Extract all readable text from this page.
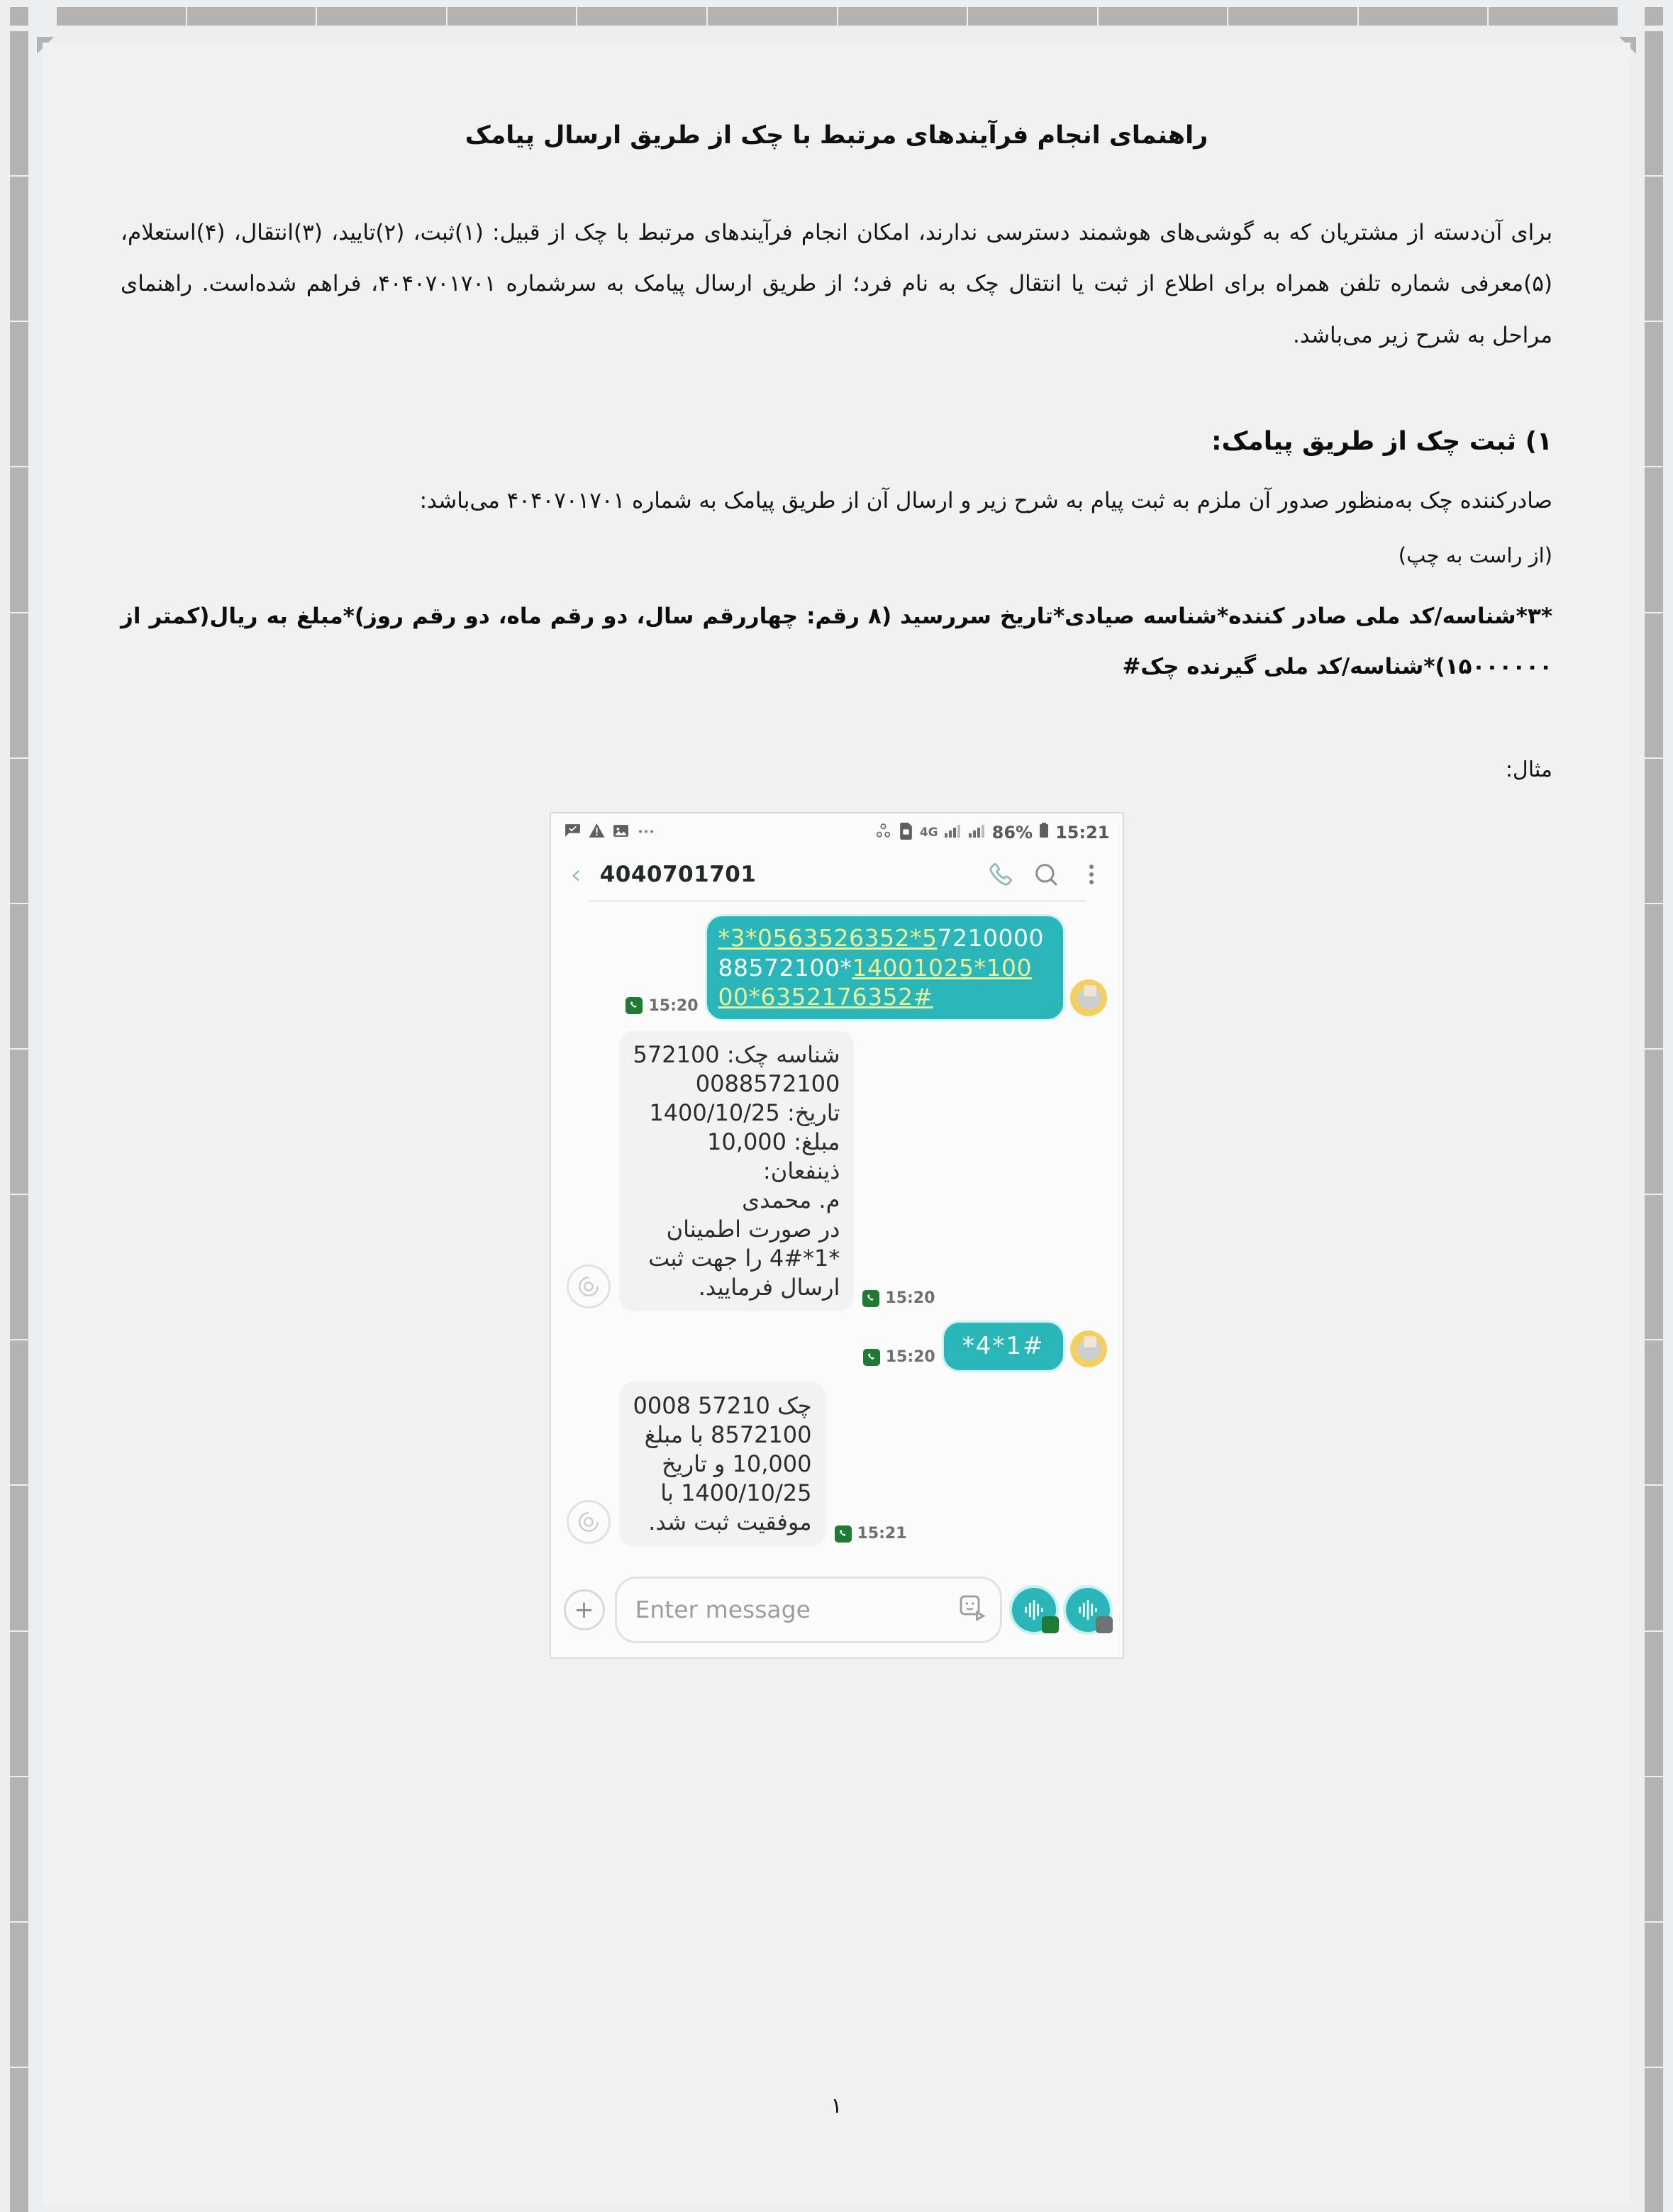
راهنمای انجام فرآیندهای مرتبط با چک از طریق ارسال پیامک

برای آن‌دسته از مشتریان که به گوشی‌های هوشمند دسترسی ندارند، امکان انجام فرآیندهای مرتبط با چک از قبیل: (۱)ثبت، (۲)تایید، (۳)انتقال، (۴)استعلام، (۵)معرفی شماره تلفن همراه برای اطلاع از ثبت یا انتقال چک به نام فرد؛ از طریق ارسال پیامک به سرشماره ۴۰۴۰۷۰۱۷۰۱، فراهم شده‌است. راهنمای مراحل به شرح زیر می‌باشد.

۱) ثبت چک از طریق پیامک:

صادرکننده چک به‌منظور صدور آن ملزم به ثبت پیام به شرح زیر و ارسال آن از طریق پیامک به شماره ۴۰۴۰۷۰۱۷۰۱ می‌باشد:

(از راست به چپ)

*۳*شناسه/کد ملی صادر کننده*شناسه صیادی*تاریخ سررسید (۸ رقم: چهاررقم سال، دو رقم ماه، دو رقم روز)*مبلغ به ریال(کمتر از ۱۵۰۰۰۰۰۰)*شناسه/کد ملی گیرنده چک#

مثال:

4G	86% 15:21
‹ 4040701701
15:20
*3*0563526352*5721000088572100*14001025*100
00*6352176352#
شناسه چک: 572100
0088572100
تاریخ: 1400/10/25
مبلغ: 10,000
ذینفعان:
م. محمدی
در صورت اطمینان
*1*4# را جهت ثبت
ارسال فرمایید.	15:20
15:20	*4*1#
چک 57210 0008
8572100 با مبلغ
10,000 و تاریخ
1400/10/25 با
موفقیت ثبت شد.	15:21
+	Enter message
۱
